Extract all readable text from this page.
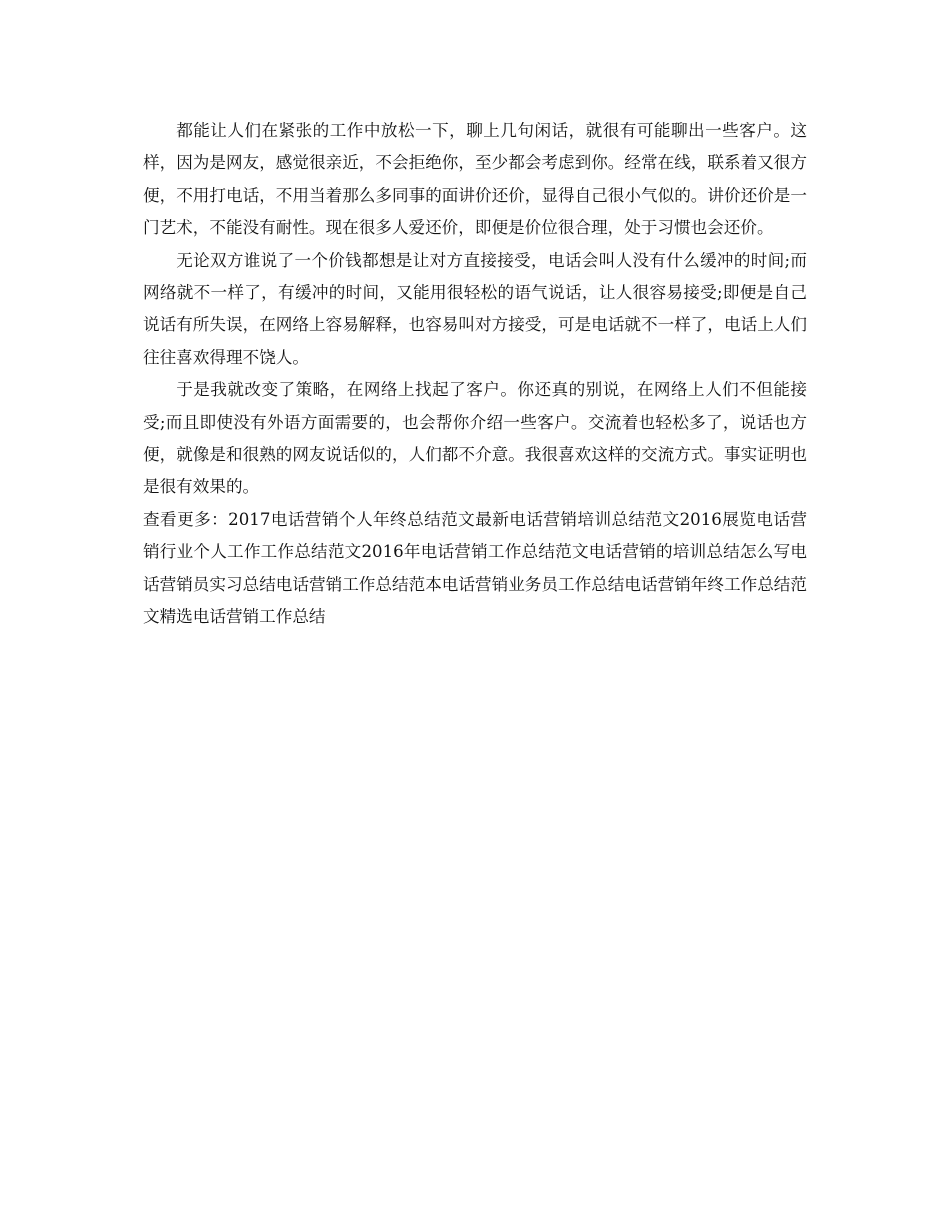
都能让人们在紧张的工作中放松一下，聊上几句闲话，就很有可能聊出一些客户。这样，因为是网友，感觉很亲近，不会拒绝你，至少都会考虑到你。经常在线，联系着又很方便，不用打电话，不用当着那么多同事的面讲价还价，显得自己很小气似的。讲价还价是一门艺术，不能没有耐性。现在很多人爱还价，即便是价位很合理，处于习惯也会还价。

无论双方谁说了一个价钱都想是让对方直接接受，电话会叫人没有什么缓冲的时间;而网络就不一样了，有缓冲的时间，又能用很轻松的语气说话，让人很容易接受;即便是自己说话有所失误，在网络上容易解释，也容易叫对方接受，可是电话就不一样了，电话上人们往往喜欢得理不饶人。

于是我就改变了策略，在网络上找起了客户。你还真的别说，在网络上人们不但能接受;而且即使没有外语方面需要的，也会帮你介绍一些客户。交流着也轻松多了，说话也方便，就像是和很熟的网友说话似的，人们都不介意。我很喜欢这样的交流方式。事实证明也是很有效果的。

查看更多：2017电话营销个人年终总结范文最新电话营销培训总结范文2016展览电话营销行业个人工作工作总结范文2016年电话营销工作总结范文电话营销的培训总结怎么写电话营销员实习总结电话营销工作总结范本电话营销业务员工作总结电话营销年终工作总结范文精选电话营销工作总结
